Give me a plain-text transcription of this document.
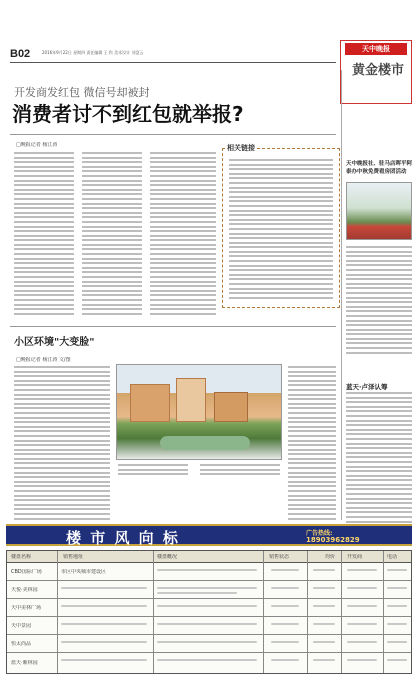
B02	2016年9月22日 星期四 责任编辑 王 科 美术设计 刘盘云	天中晚报
黄金楼市
开发商发红包 微信号却被封
消费者讨不到红包就举报?
□晚报记者 杨江涛	相关链接
天中晚报社、驻马店晖平阿
泰办中秋免费看房团活动
蓝天·卢泽认筹
小区环境"大变脸"
□晚报记者 杨江涛 文/图
楼 市 风 向 标	广告热线:
18903962829
楼盘名称	销售地址	楼盘概况	销售状态	均价	开发商	电话
CBD国际广场	市区中央城市建设区
天悦·美林园
天中美林广场
天中景园
恒太尚品
蓝天·紫林园
